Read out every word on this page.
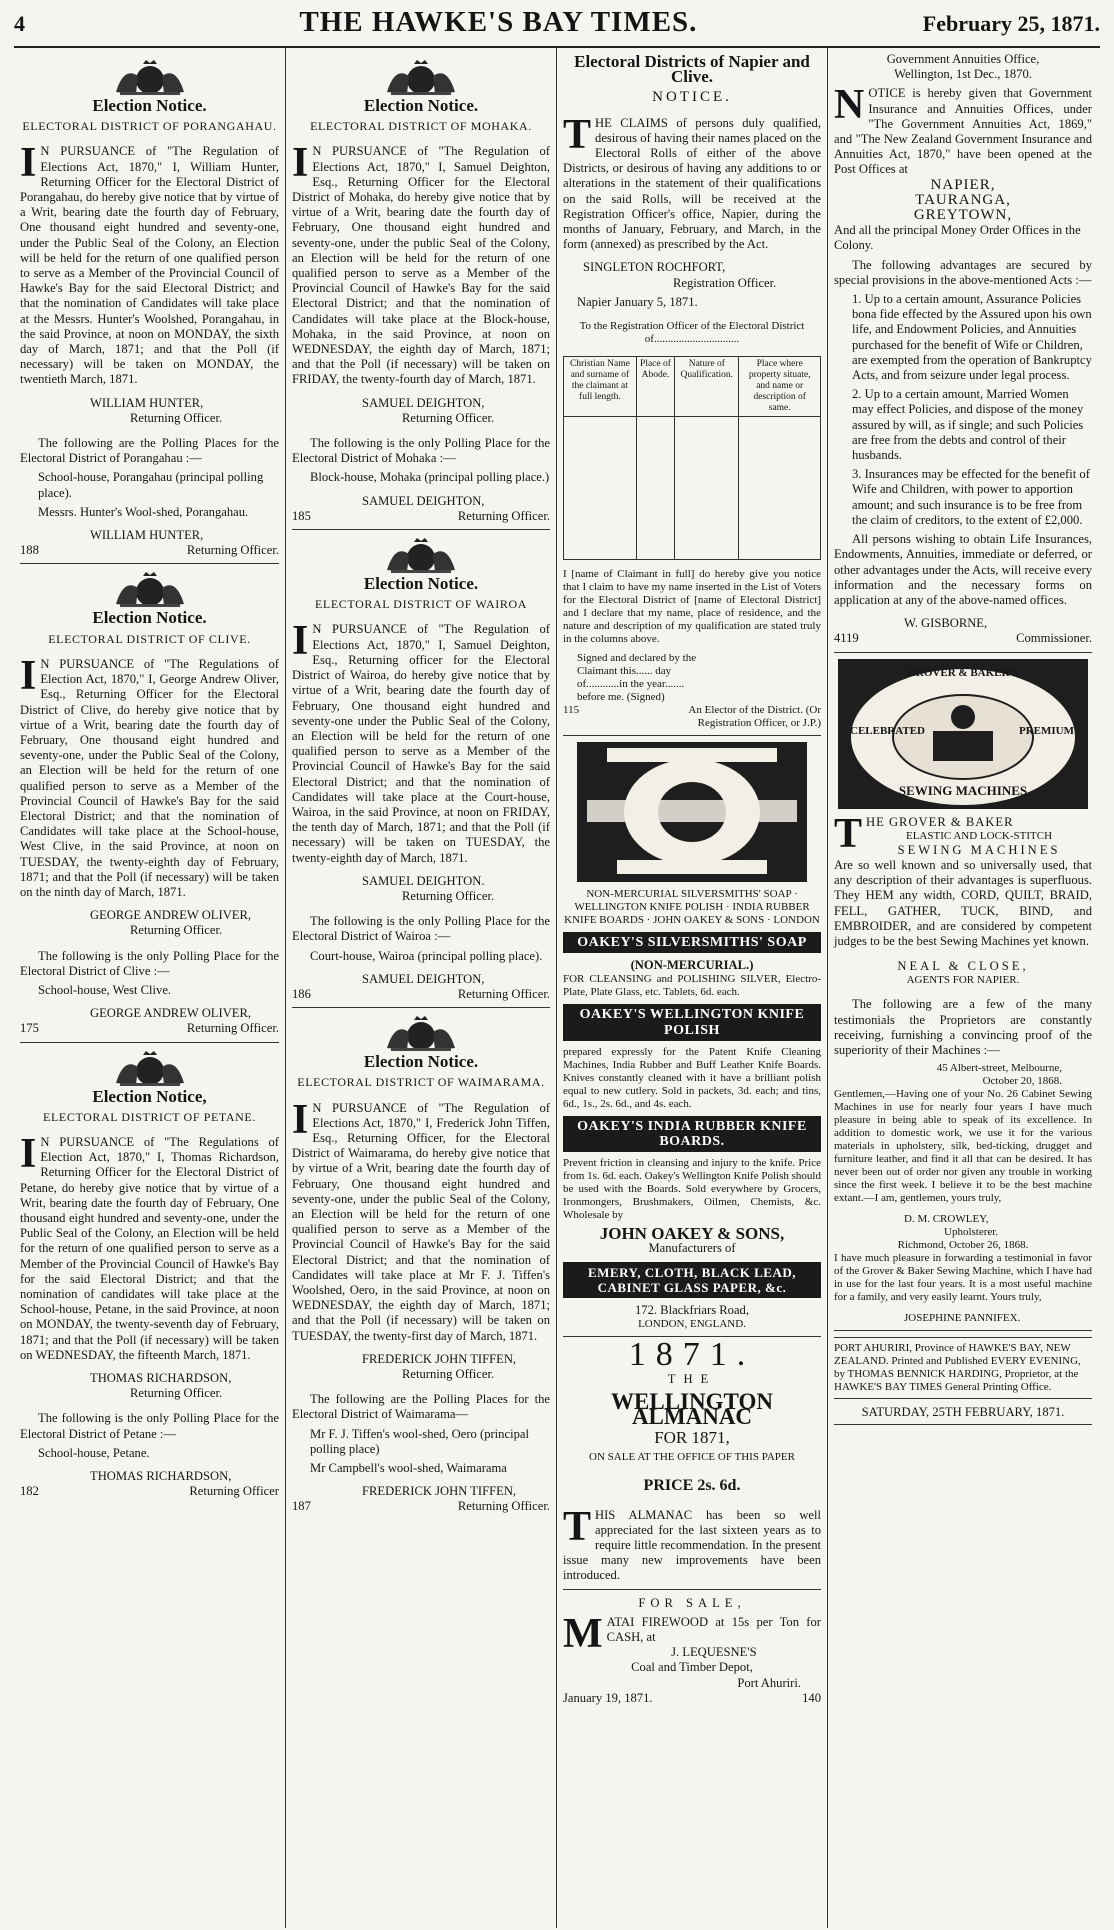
4	THE HAWKE'S BAY TIMES.	February 25, 1871.
Election Notice.
ELECTORAL DISTRICT OF PORANGAHAU.
I N PURSUANCE of "The Regulation of Elections Act, 1870," I, William Hunter, Returning Officer for the Electoral District of Porangahau, do hereby give notice that by virtue of a Writ, bearing date the fourth day of February, One thousand eight hundred and seventy-one, under the Public Seal of the Colony, an Election will be held for the return of one qualified person to serve as a Member of the Provincial Council of Hawke's Bay for the said Electoral District; and that the nomination of Candidates will take place at the Messrs. Hunter's Woolshed, Porangahau, in the said Province, at noon on MONDAY, the sixth day of March, 1871; and that the Poll (if necessary) will be taken on MONDAY, the twentieth March, 1871.
WILLIAM HUNTER,
Returning Officer.
The following are the Polling Places for the Electoral District of Porangahau :—
School-house, Porangahau (principal polling place).
Messrs. Hunter's Wool-shed, Porangahau.
WILLIAM HUNTER,
188	Returning Officer.
Election Notice.
ELECTORAL DISTRICT OF CLIVE.
I N PURSUANCE of "The Regulations of Election Act, 1870," I, George Andrew Oliver, Esq., Returning Officer for the Electoral District of Clive, do hereby give notice that by virtue of a Writ, bearing date the fourth day of February, One thousand eight hundred and seventy-one, under the Public Seal of the Colony, an Election will be held for the return of one qualified person to serve as a Member of the Provincial Council of Hawke's Bay for the said Electoral District; and that the nomination of Candidates will take place at the School-house, West Clive, in the said Province, at noon on TUESDAY, the twenty-eighth day of February, 1871; and that the Poll (if necessary) will be taken on the ninth day of March, 1871.
GEORGE ANDREW OLIVER,
Returning Officer.
The following is the only Polling Place for the Electoral District of Clive :—
School-house, West Clive.
GEORGE ANDREW OLIVER,
175	Returning Officer.
Election Notice,
ELECTORAL DISTRICT OF PETANE.
I N PURSUANCE of "The Regulations of Election Act, 1870," I, Thomas Richardson, Returning Officer for the Electoral District of Petane, do hereby give notice that by virtue of a Writ, bearing date the fourth day of February, One thousand eight hundred and seventy-one, under the Public Seal of the Colony, an Election will be held for the return of one qualified person to serve as a Member of the Provincial Council of Hawke's Bay for the said Electoral District; and that the nomination of candidates will take place at the School-house, Petane, in the said Province, at noon on MONDAY, the twenty-seventh day of February, 1871; and that the Poll (if necessary) will be taken on WEDNESDAY, the fifteenth March, 1871.
THOMAS RICHARDSON,
Returning Officer.
The following is the only Polling Place for the Electoral District of Petane :—
School-house, Petane.
THOMAS RICHARDSON,
182	Returning Officer
Election Notice.
ELECTORAL DISTRICT OF MOHAKA.
I N PURSUANCE of "The Regulation of Elections Act, 1870," I, Samuel Deighton, Esq., Returning Officer for the Electoral District of Mohaka, do hereby give notice that by virtue of a Writ, bearing date the fourth day of February, One thousand eight hundred and seventy-one, under the public Seal of the Colony, an Election will be held for the return of one qualified person to serve as a Member of the Provincial Council of Hawke's Bay for the said Electoral District; and that the nomination of Candidates will take place at the Block-house, Mohaka, in the said Province, at noon on WEDNESDAY, the eighth day of March, 1871; and that the Poll (if necessary) will be taken on FRIDAY, the twenty-fourth day of March, 1871.
SAMUEL DEIGHTON,
Returning Officer.
The following is the only Polling Place for the Electoral District of Mohaka :—
Block-house, Mohaka (principal polling place.)
SAMUEL DEIGHTON,
185	Returning Officer.
Election Notice.
ELECTORAL DISTRICT OF WAIROA
I N PURSUANCE of "The Regulation of Elections Act, 1870," I, Samuel Deighton, Esq., Returning officer for the Electoral District of Wairoa, do hereby give notice that by virtue of a Writ, bearing date the fourth day of February, One thousand eight hundred and seventy-one under the Public Seal of the Colony, an Election will be held for the return of one qualified person to serve as a Member of the Provincial Council of Hawke's Bay for the said Electoral District; and that the nomination of Candidates will take place at the Court-house, Wairoa, in the said Province, at noon on FRIDAY, the tenth day of March, 1871; and that the Poll (if necessary) will be taken on TUESDAY, the twenty-eighth day of March, 1871.
SAMUEL DEIGHTON.
Returning Officer.
The following is the only Polling Place for the Electoral District of Wairoa :—
Court-house, Wairoa (principal polling place).
SAMUEL DEIGHTON,
186	Returning Officer.
Election Notice.
ELECTORAL DISTRICT OF WAIMARAMA.
I N PURSUANCE of "The Regulation of Elections Act, 1870," I, Frederick John Tiffen, Esq., Returning Officer, for the Electoral District of Waimarama, do hereby give notice that by virtue of a Writ, bearing date the fourth day of February, One thousand eight hundred and seventy-one, under the public Seal of the Colony, an Election will be held for the return of one qualified person to serve as a Member of the Provincial Council of Hawke's Bay for the said Electoral District; and that the nomination of Candidates will take place at Mr F. J. Tiffen's Woolshed, Oero, in the said Province, at noon on WEDNESDAY, the eighth day of March, 1871; and that the Poll (if necessary) will be taken on TUESDAY, the twenty-first day of March, 1871.
FREDERICK JOHN TIFFEN,
Returning Officer.
The following are the Polling Places for the Electoral District of Waimarama—
Mr F. J. Tiffen's wool-shed, Oero (principal polling place)
Mr Campbell's wool-shed, Waimarama
FREDERICK JOHN TIFFEN,
187	Returning Officer.
Electoral Districts of Napier and Clive.
NOTICE.
THE CLAIMS of persons duly qualified, desirous of having their names placed on the Electoral Rolls of either of the above Districts, or desirous of having any additions to or alterations in the statement of their qualifications on the said Rolls, will be received at the Registration Officer's office, Napier, during the months of January, February, and March, in the form (annexed) as prescribed by the Act.
SINGLETON ROCHFORT,
Registration Officer.
Napier January 5, 1871.
To the Registration Officer of the Electoral District of...............................
Christian Name and surname of the claimant at full length.	Place of Abode.	Nature of Qualification.	Place where property situate, and name or description of same.

I [name of Claimant in full] do hereby give you notice that I claim to have my name inserted in the List of Voters for the Electoral District of [name of Electoral District] and I declare that my name, place of residence, and the nature and description of my qualification are stated truly in the columns above.
Signed and declared by the Claimant this...... day of............in the year....... before me. (Signed)
115	An Elector of the District. (Or Registration Officer, or J.P.)
NON-MERCURIAL SILVERSMITHS' SOAP · WELLINGTON KNIFE POLISH · INDIA RUBBER KNIFE BOARDS · JOHN OAKEY & SONS · LONDON
OAKEY'S SILVERSMITHS' SOAP
(NON-MERCURIAL.)
FOR CLEANSING and POLISHING SILVER, Electro-Plate, Plate Glass, etc. Tablets, 6d. each.
OAKEY'S WELLINGTON KNIFE POLISH
prepared expressly for the Patent Knife Cleaning Machines, India Rubber and Buff Leather Knife Boards. Knives constantly cleaned with it have a brilliant polish equal to new cutlery. Sold in packets, 3d. each; and tins, 6d., 1s., 2s. 6d., and 4s. each.
OAKEY'S INDIA RUBBER KNIFE BOARDS.
Prevent friction in cleansing and injury to the knife. Price from 1s. 6d. each. Oakey's Wellington Knife Polish should be used with the Boards. Sold everywhere by Grocers, Ironmongers, Brushmakers, Oilmen, Chemists, &c. Wholesale by
JOHN OAKEY & SONS,
Manufacturers of
EMERY, CLOTH, BLACK LEAD, CABINET GLASS PAPER, &c.
172. Blackfriars Road,
LONDON, ENGLAND.
1871.
THE
WELLINGTON ALMANAC
FOR 1871,
ON SALE AT THE OFFICE OF THIS PAPER
PRICE 2s. 6d.
THIS ALMANAC has been so well appreciated for the last sixteen years as to require little recommendation. In the present issue many new improvements have been introduced.
FOR SALE,
MATAI FIREWOOD at 15s per Ton for CASH, at
J. LEQUESNE'S
Coal and Timber Depot,
Port Ahuriri.
January 19, 1871.	140
Government Annuities Office,
Wellington, 1st Dec., 1870.
NOTICE is hereby given that Government Insurance and Annuities Offices, under "The Government Annuities Act, 1869," and "The New Zealand Government Insurance and Annuities Act, 1870," have been opened at the Post Offices at
NAPIER,
TAURANGA,
GREYTOWN,
And all the principal Money Order Offices in the Colony.
The following advantages are secured by special provisions in the above-mentioned Acts :—
1. Up to a certain amount, Assurance Policies bona fide effected by the Assured upon his own life, and Endowment Policies, and Annuities purchased for the benefit of Wife or Children, are exempted from the operation of Bankruptcy Acts, and from seizure under legal process.
2. Up to a certain amount, Married Women may effect Policies, and dispose of the money assured by will, as if single; and such Policies are free from the debts and control of their husbands.
3. Insurances may be effected for the benefit of Wife and Children, with power to apportion amount; and such insurance is to be free from the claim of creditors, to the extent of £2,000.
All persons wishing to obtain Life Insurances, Endowments, Annuities, immediate or deferred, or other advantages under the Acts, will receive every information and the necessary forms on application at any of the above-named offices.
W. GISBORNE,
4119	Commissioner.
GROVER & BAKER'S
CELEBRATED	PREMIUM
SEWING MACHINES
THE GROVER & BAKER
ELASTIC AND LOCK-STITCH
SEWING MACHINES
Are so well known and so universally used, that any description of their advantages is superfluous. They HEM any width, CORD, QUILT, BRAID, FELL, GATHER, TUCK, BIND, and EMBROIDER, and are considered by competent judges to be the best Sewing Machines yet known.
NEAL & CLOSE,
AGENTS FOR NAPIER.
The following are a few of the many testimonials the Proprietors are constantly receiving, furnishing a convincing proof of the superiority of their Machines :—
45 Albert-street, Melbourne,
October 20, 1868.
Gentlemen,—Having one of your No. 26 Cabinet Sewing Machines in use for nearly four years I have much pleasure in being able to speak of its excellence. In addition to domestic work, we use it for the various materials in upholstery, silk, bed-ticking, drugget and furniture leather, and find it all that can be desired. It has never been out of order nor given any trouble in working since the first week. I believe it to be the best machine extant.—I am, gentlemen, yours truly,
D. M. CROWLEY,
Upholsterer.
Richmond, October 26, 1868.
I have much pleasure in forwarding a testimonial in favor of the Grover & Baker Sewing Machine, which I have had in use for the last four years. It is a most useful machine for a family, and very easily learnt. Yours truly,
JOSEPHINE PANNIFEX.
PORT AHURIRI, Province of HAWKE'S BAY, NEW ZEALAND. Printed and Published EVERY EVENING, by THOMAS BENNICK HARDING, Proprietor, at the HAWKE'S BAY TIMES General Printing Office.
SATURDAY, 25TH FEBRUARY, 1871.
